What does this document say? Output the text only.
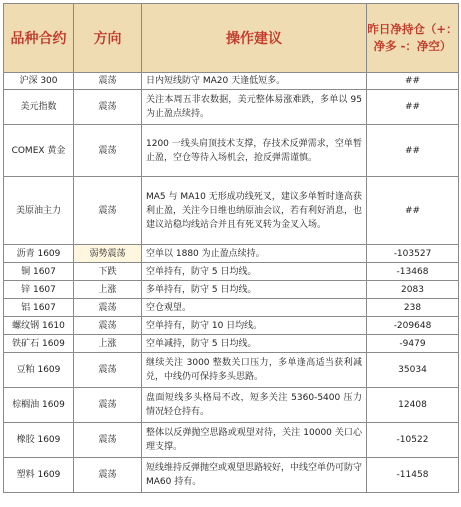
品种合约	方向	操作建议	昨日净持仓（+：
净多 -：净空）

沪深 300	震荡	日内短线防守 MA20 天逢低短多。	##
美元指数	震荡	关注本周五非农数据，美元整体易涨难跌，多单以 95 为止盈点续持。	##
COMEX 黄金	震荡	1200 一线头肩顶技术支撑，存技术反弹需求，空单暂止盈，空仓等待入场机会，抢反弹需谨慎。	##
美原油主力	震荡	MA5 与 MA10 无形成功线死叉，建议多单暂时逢高获利止盈，关注今日维也纳原油会议，若有利好消息，也建议站稳均线站合并且有死叉转为金叉入场。	##
沥青 1609	弱势震荡	空单以 1880 为止盈点续持。	-103527
铜 1607	下跌	空单持有，防守 5 日均线。	-13468
锌 1607	上涨	多单持有，防守 5 日均线。	2083
铝 1607	震荡	空仓观望。	238
螺纹钢 1610	震荡	空单持有，防守 10 日均线。	-209648
铁矿石 1609	上涨	空单减持，防守 5 日均线。	-9479
豆粕 1609	震荡	继续关注 3000 整数关口压力，多单逢高适当获利减兑，中线仍可保持多头思路。	35034
棕榈油 1609	震荡	盘面短线多头格局不改，短多关注 5360-5400 压力情况轻仓持有。	12408
橡胶 1609	震荡	整体以反弹抛空思路或观望对待，关注 10000 关口心理支撑。	-10522
塑料 1609	震荡	短线维持反弹抛空或观望思路较好，中线空单仍可防守 MA60 持有。	-11458
